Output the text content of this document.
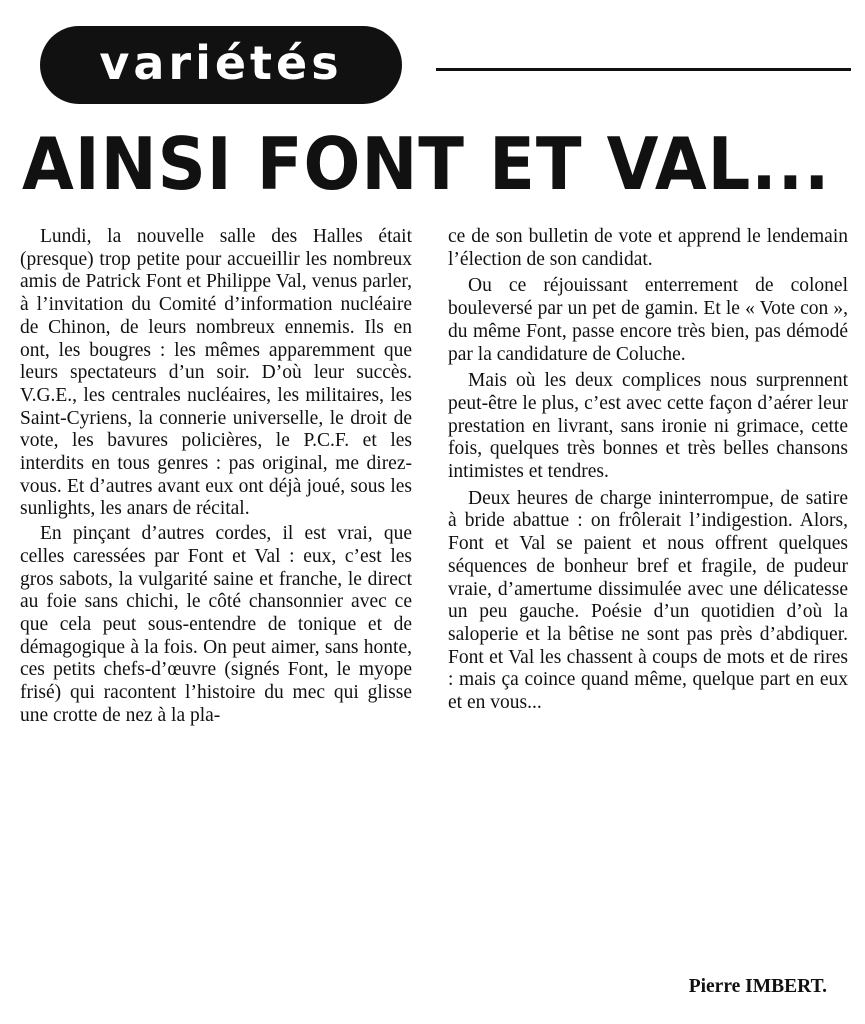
variétés
AINSI FONT ET VAL...

Lundi, la nouvelle salle des Halles était (presque) trop petite pour accueillir les nombreux amis de Patrick Font et Philippe Val, venus parler, à l’invitation du Comité d’information nucléaire de Chinon, de leurs nombreux ennemis. Ils en ont, les bougres : les mêmes apparemment que leurs spectateurs d’un soir. D’où leur succès. V.G.E., les centrales nucléaires, les militaires, les Saint-Cyriens, la connerie universelle, le droit de vote, les bavures policières, le P.C.F. et les interdits en tous genres : pas original, me direz-vous. Et d’autres avant eux ont déjà joué, sous les sunlights, les anars de récital.

En pinçant d’autres cordes, il est vrai, que celles caressées par Font et Val : eux, c’est les gros sabots, la vulgarité saine et franche, le direct au foie sans chichi, le côté chansonnier avec ce que cela peut sous-entendre de tonique et de démagogique à la fois. On peut aimer, sans honte, ces petits chefs-d’œuvre (signés Font, le myope frisé) qui racontent l’histoire du mec qui glisse une crotte de nez à la pla-

ce de son bulletin de vote et apprend le lendemain l’élection de son candidat.

Ou ce réjouissant enterrement de colonel bouleversé par un pet de gamin. Et le « Vote con », du même Font, passe encore très bien, pas démodé par la candidature de Coluche.

Mais où les deux complices nous surprennent peut-être le plus, c’est avec cette façon d’aérer leur prestation en livrant, sans ironie ni grimace, cette fois, quelques très bonnes et très belles chansons intimistes et tendres.

Deux heures de charge ininterrompue, de satire à bride abattue : on frôlerait l’indigestion. Alors, Font et Val se paient et nous offrent quelques séquences de bonheur bref et fragile, de pudeur vraie, d’amertume dissimulée avec une délicatesse un peu gauche. Poésie d’un quotidien d’où la saloperie et la bêtise ne sont pas près d’abdiquer. Font et Val les chassent à coups de mots et de rires : mais ça coince quand même, quelque part en eux et en vous...

Pierre IMBERT.
